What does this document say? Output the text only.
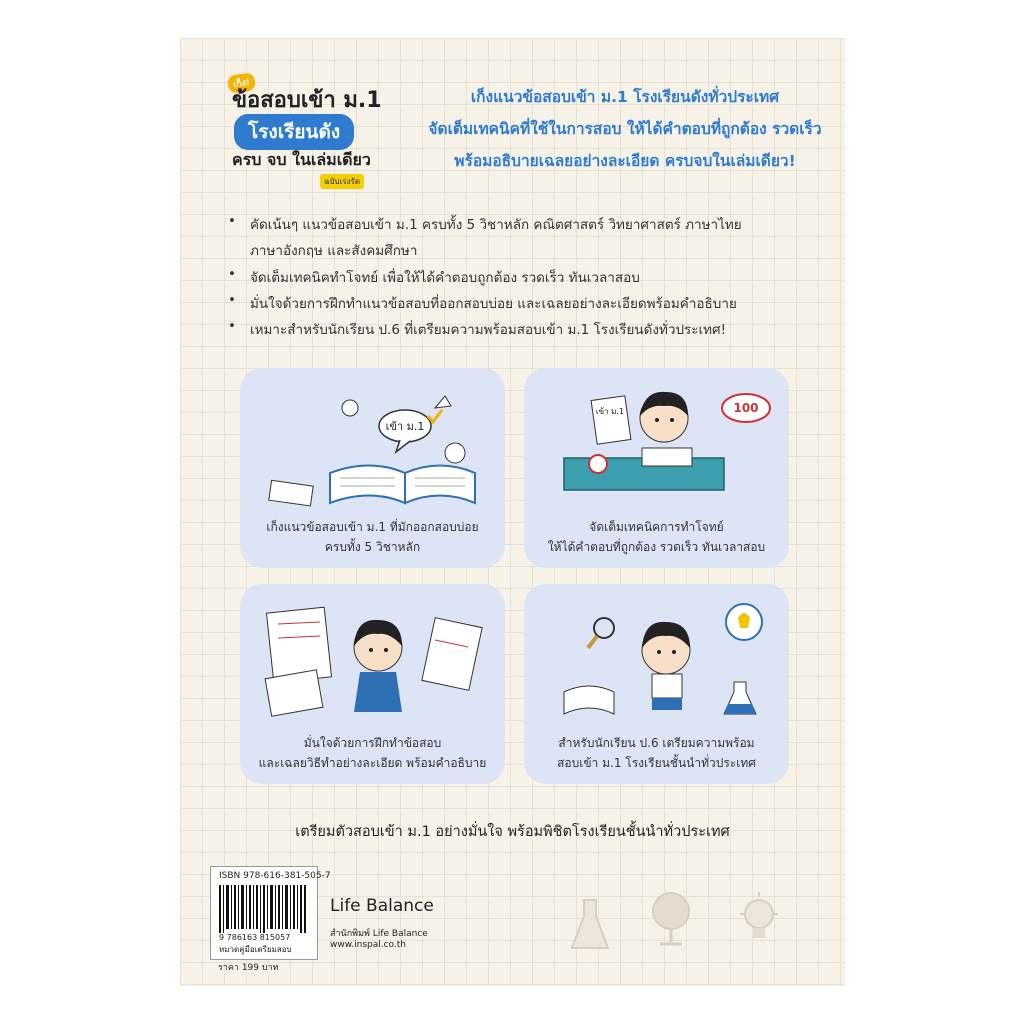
เก็ง!
ข้อสอบเข้า ม.1
โรงเรียนดัง
ครบ จบ ในเล่มเดียว
ฉบับเร่งรัด
เก็งแนวข้อสอบเข้า ม.1 โรงเรียนดังทั่วประเทศ
จัดเต็มเทคนิคที่ใช้ในการสอบ ให้ได้คำตอบที่ถูกต้อง รวดเร็ว
พร้อมอธิบายเฉลยอย่างละเอียด ครบจบในเล่มเดียว!
• คัดเน้นๆ แนวข้อสอบเข้า ม.1 ครบทั้ง 5 วิชาหลัก คณิตศาสตร์ วิทยาศาสตร์ ภาษาไทย
ภาษาอังกฤษ และสังคมศึกษา
• จัดเต็มเทคนิคทำโจทย์ เพื่อให้ได้คำตอบถูกต้อง รวดเร็ว ทันเวลาสอบ
• มั่นใจด้วยการฝึกทำแนวข้อสอบที่ออกสอบบ่อย และเฉลยอย่างละเอียดพร้อมคำอธิบาย
• เหมาะสำหรับนักเรียน ป.6 ที่เตรียมความพร้อมสอบเข้า ม.1 โรงเรียนดังทั่วประเทศ!
เข้า ม.1
เก็งแนวข้อสอบเข้า ม.1 ที่มักออกสอบบ่อย
ครบทั้ง 5 วิชาหลัก
เข้า ม.1	100
จัดเต็มเทคนิคการทำโจทย์
ให้ได้คำตอบที่ถูกต้อง รวดเร็ว ทันเวลาสอบ
มั่นใจด้วยการฝึกทำข้อสอบ
และเฉลยวิธีทำอย่างละเอียด พร้อมคำอธิบาย
สำหรับนักเรียน ป.6 เตรียมความพร้อม
สอบเข้า ม.1 โรงเรียนชั้นนำทั่วประเทศ
เตรียมตัวสอบเข้า ม.1 อย่างมั่นใจ พร้อมพิชิตโรงเรียนชั้นนำทั่วประเทศ
ISBN 978-616-381-505-7
9 786163 815057
หมวดคู่มือเตรียมสอบ
ราคา 199 บาท
Life Balance
สำนักพิมพ์ Life Balance
www.inspal.co.th
